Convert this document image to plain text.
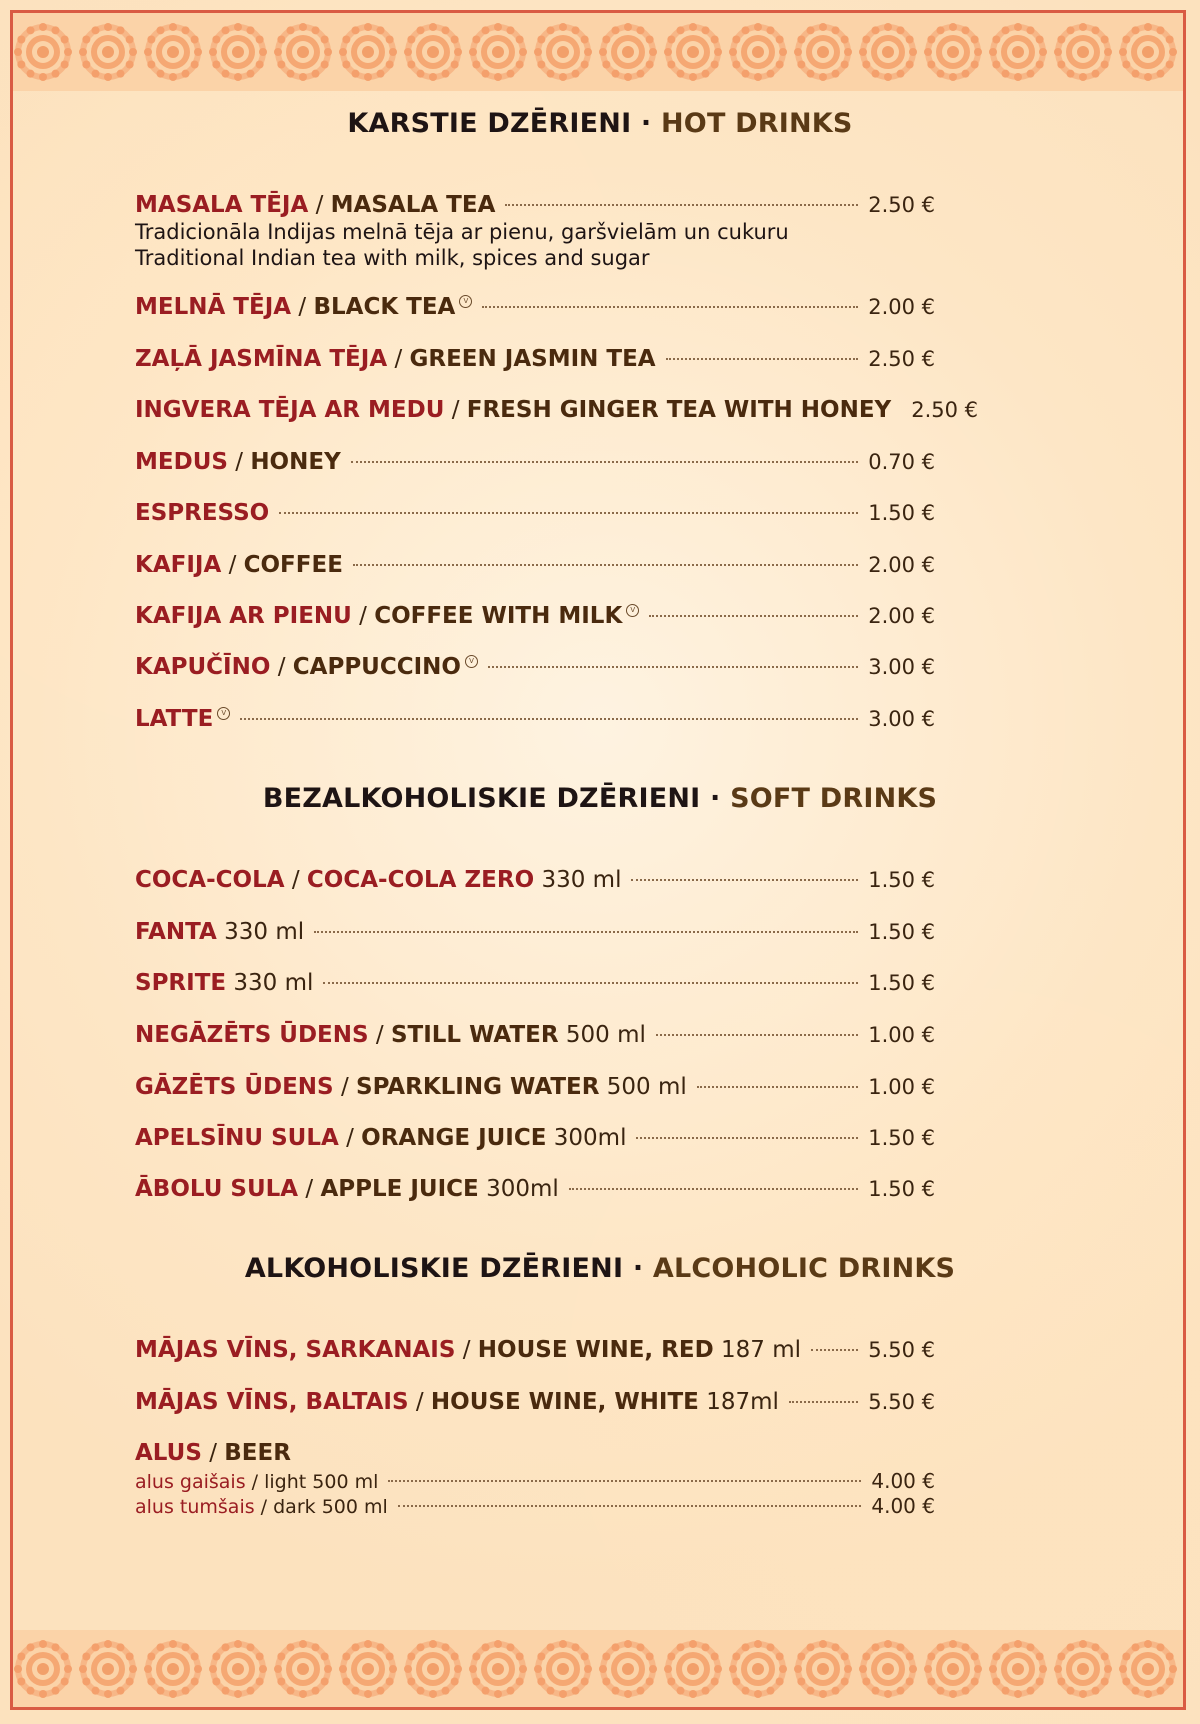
KARSTIE DZĒRIENI · HOT DRINKS
MASALA TĒJA / MASALA TEA	2.50 €
Tradicionāla Indijas melnā tēja ar pienu, garšvielām un cukuru
Traditional Indian tea with milk, spices and sugar
MELNĀ TĒJA / BLACK TEA V	2.00 €
ZAĻĀ JASMĪNA TĒJA / GREEN JASMIN TEA	2.50 €
INGVERA TĒJA AR MEDU / FRESH GINGER TEA WITH HONEY 2.50 €
MEDUS / HONEY	0.70 €
ESPRESSO	1.50 €
KAFIJA / COFFEE	2.00 €
KAFIJA AR PIENU / COFFEE WITH MILK V	2.00 €
KAPUČĪNO / CAPPUCCINO V	3.00 €
LATTE V	3.00 €
BEZALKOHOLISKIE DZĒRIENI · SOFT DRINKS
COCA-COLA / COCA-COLA ZERO 330 ml	1.50 €
FANTA 330 ml	1.50 €
SPRITE 330 ml	1.50 €
NEGĀZĒTS ŪDENS / STILL WATER 500 ml	1.00 €
GĀZĒTS ŪDENS / SPARKLING WATER 500 ml	1.00 €
APELSĪNU SULA / ORANGE JUICE 300ml	1.50 €
ĀBOLU SULA / APPLE JUICE 300ml	1.50 €
ALKOHOLISKIE DZĒRIENI · ALCOHOLIC DRINKS
MĀJAS VĪNS, SARKANAIS / HOUSE WINE, RED 187 ml	5.50 €
MĀJAS VĪNS, BALTAIS / HOUSE WINE, WHITE 187ml	5.50 €
ALUS / BEER
alus gaišais / light 500 ml	4.00 €
alus tumšais / dark 500 ml	4.00 €
